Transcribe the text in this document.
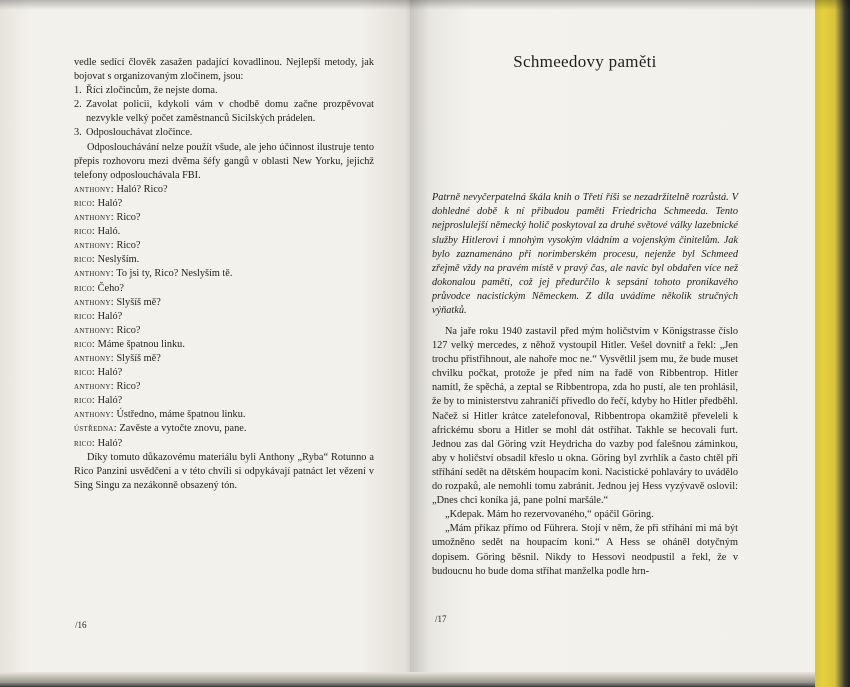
vedle sedící člověk zasažen padající kovadlinou. Nejlepší metody, jak bojovat s organizovaným zločinem, jsou:

1. Říci zločincům, že nejste doma.

2. Zavolat policii, kdykoli vám v chodbě domu začne prozpěvovat nezvykle velký počet zaměstnanců Sicilských prádelen.

3. Odposlouchávat zločince.

Odposlouchávání nelze použít všude, ale jeho účinnost ilustruje tento přepis rozhovoru mezi dvěma šéfy gangů v oblasti New Yorku, jejichž telefony odposlouchávala FBI.

anthony: Haló? Rico?

rico: Haló?

anthony: Rico?

rico: Haló.

anthony: Rico?

rico: Neslyším.

anthony: To jsi ty, Rico? Neslyším tě.

rico: Čeho?

anthony: Slyšíš mě?

rico: Haló?

anthony: Rico?

rico: Máme špatnou linku.

anthony: Slyšíš mě?

rico: Haló?

anthony: Rico?

rico: Haló?

anthony: Ústředno, máme špatnou linku.

ústředna: Zavěste a vytočte znovu, pane.

rico: Haló?

Díky tomuto důkazovému materiálu byli Anthony „Ryba“ Rotunno a Rico Panzini usvědčeni a v této chvíli si odpykávají patnáct let vězení v Sing Singu za nezákonně obsazený tón.

/16
Schmeedovy paměti

Patrně nevyčerpatelná škála knih o Třetí říši se nezadržitelně rozrůstá. V dohledné době k ní přibudou paměti Friedricha Schmeeda. Tento nejproslulejší německý holič poskytoval za druhé světové války lazebnické služby Hitlerovi i mnohým vysokým vládním a vojenským činitelům. Jak bylo zaznamenáno při norimberském procesu, nejenže byl Schmeed zřejmě vždy na pravém místě v pravý čas, ale navíc byl obdařen více než dokonalou pamětí, což jej předurčilo k sepsání tohoto pronikavého průvodce nacistickým Německem. Z díla uvádíme několik stručných výňatků.

Na jaře roku 1940 zastavil před mým holičstvím v Königstrasse číslo 127 velký mercedes, z něhož vystoupil Hitler. Vešel dovnitř a řekl: „Jen trochu přistřihnout, ale nahoře moc ne.“ Vysvětlil jsem mu, že bude muset chvilku počkat, protože je před ním na řadě von Ribbentrop. Hitler namítl, že spěchá, a zeptal se Ribbentropa, zda ho pustí, ale ten prohlásil, že by to ministerstvu zahraničí přivedlo do řečí, kdyby ho Hitler předběhl. Načež si Hitler krátce zatelefonoval, Ribbentropa okamžitě převeleli k africkému sboru a Hitler se mohl dát ostříhat. Takhle se hecovali furt. Jednou zas dal Göring vzít Heydricha do vazby pod falešnou záminkou, aby v holičství obsadil křeslo u okna. Göring byl zvrhlík a často chtěl při stříhání sedět na dětském houpacím koni. Nacistické pohlaváry to uvádělo do rozpaků, ale nemohli tomu zabránit. Jednou jej Hess vyzývavě oslovil: „Dnes chci koníka já, pane polní maršále.“

„Kdepak. Mám ho rezervovaného,“ opáčil Göring.

„Mám příkaz přímo od Führera. Stojí v něm, že při stříhání mi má být umožněno sedět na houpacím koni.“ A Hess se oháněl dotyčným dopisem. Göring běsnil. Nikdy to Hessovi neodpustil a řekl, že v budoucnu ho bude doma stříhat manželka podle hrn-

/17
